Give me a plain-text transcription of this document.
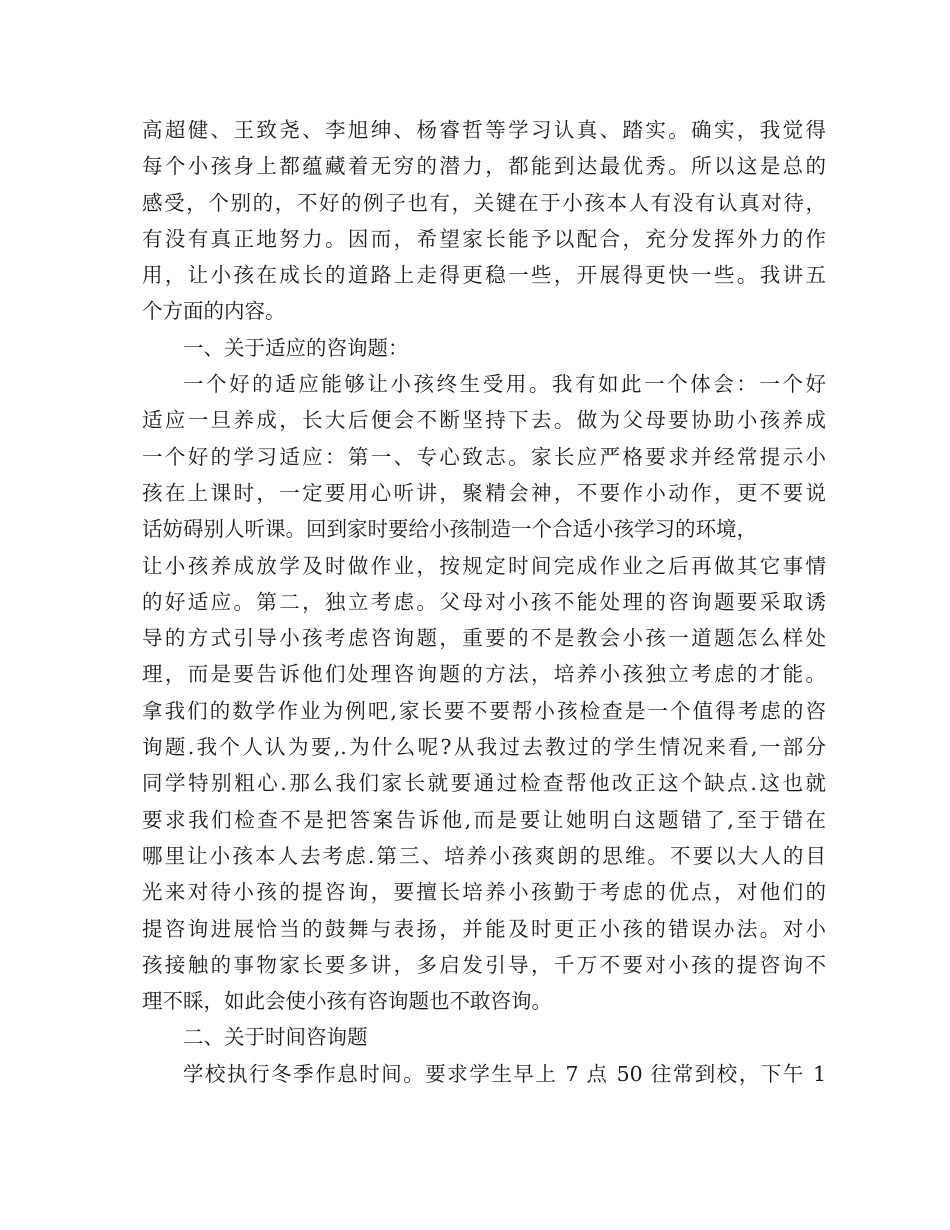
高超健、王致尧、李旭绅、杨睿哲等学习认真、踏实。确实，我觉得
每个小孩身上都蕴藏着无穷的潜力，都能到达最优秀。所以这是总的
感受，个别的，不好的例子也有，关键在于小孩本人有没有认真对待，
有没有真正地努力。因而，希望家长能予以配合，充分发挥外力的作
用，让小孩在成长的道路上走得更稳一些，开展得更快一些。我讲五
个方面的内容。
一、关于适应的咨询题：
一个好的适应能够让小孩终生受用。我有如此一个体会：一个好
适应一旦养成，长大后便会不断坚持下去。做为父母要协助小孩养成
一个好的学习适应：第一、专心致志。家长应严格要求并经常提示小
孩在上课时，一定要用心听讲，聚精会神，不要作小动作，更不要说
话妨碍别人听课。回到家时要给小孩制造一个合适小孩学习的环境，
让小孩养成放学及时做作业，按规定时间完成作业之后再做其它事情
的好适应。第二，独立考虑。父母对小孩不能处理的咨询题要采取诱
导的方式引导小孩考虑咨询题，重要的不是教会小孩一道题怎么样处
理，而是要告诉他们处理咨询题的方法，培养小孩独立考虑的才能。
拿我们的数学作业为例吧,家长要不要帮小孩检查是一个值得考虑的咨
询题.我个人认为要,.为什么呢?从我过去教过的学生情况来看,一部分
同学特别粗心.那么我们家长就要通过检查帮他改正这个缺点.这也就
要求我们检查不是把答案告诉他,而是要让她明白这题错了,至于错在
哪里让小孩本人去考虑.第三、培养小孩爽朗的思维。不要以大人的目
光来对待小孩的提咨询，要擅长培养小孩勤于考虑的优点，对他们的
提咨询进展恰当的鼓舞与表扬，并能及时更正小孩的错误办法。对小
孩接触的事物家长要多讲，多启发引导，千万不要对小孩的提咨询不
理不睬，如此会使小孩有咨询题也不敢咨询。
二、关于时间咨询题
学校执行冬季作息时间。要求学生早上 7 点 50 往常到校，下午 1
